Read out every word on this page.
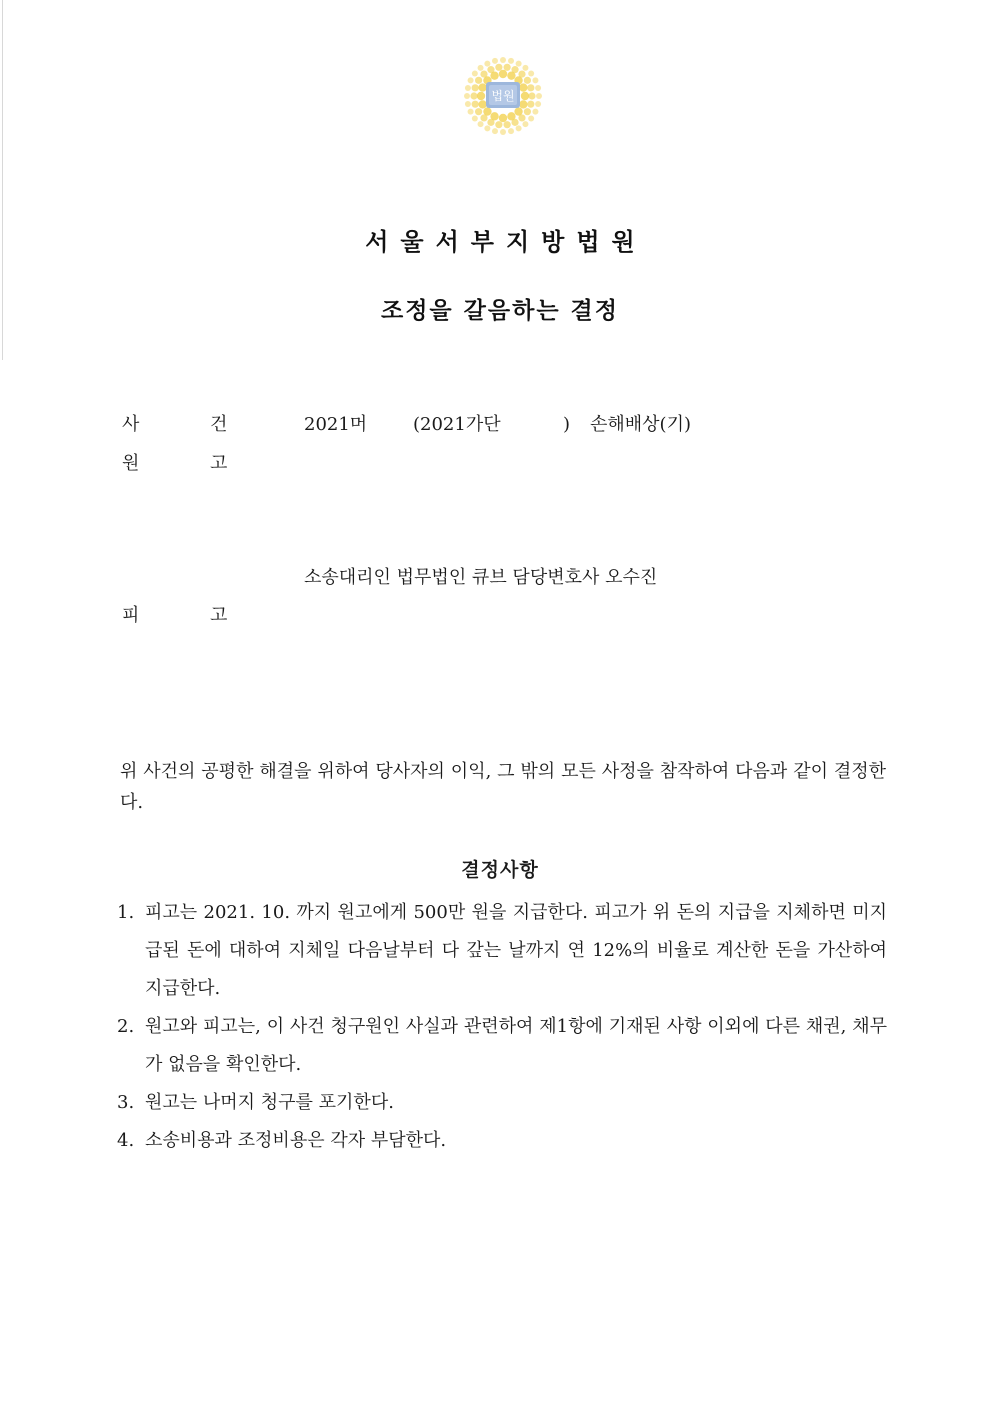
법원
서울서부지방법원
조정을 갈음하는 결정
사	건	2021머	(2021가단	) 손해배상(기)
원	고
소송대리인 법무법인 큐브 담당변호사 오수진
피	고
위 사건의 공평한 해결을 위하여 당사자의 이익, 그 밖의 모든 사정을 참작하여 다음과 같이 결정한다.
결정사항
1. 피고는 2021. 10. 까지 원고에게 500만 원을 지급한다. 피고가 위 돈의 지급을 지체하면 미지급된 돈에 대하여 지체일 다음날부터 다 갚는 날까지 연 12%의 비율로 계산한 돈을 가산하여 지급한다.
2. 원고와 피고는, 이 사건 청구원인 사실과 관련하여 제1항에 기재된 사항 이외에 다른 채권, 채무가 없음을 확인한다.
3. 원고는 나머지 청구를 포기한다.
4. 소송비용과 조정비용은 각자 부담한다.
